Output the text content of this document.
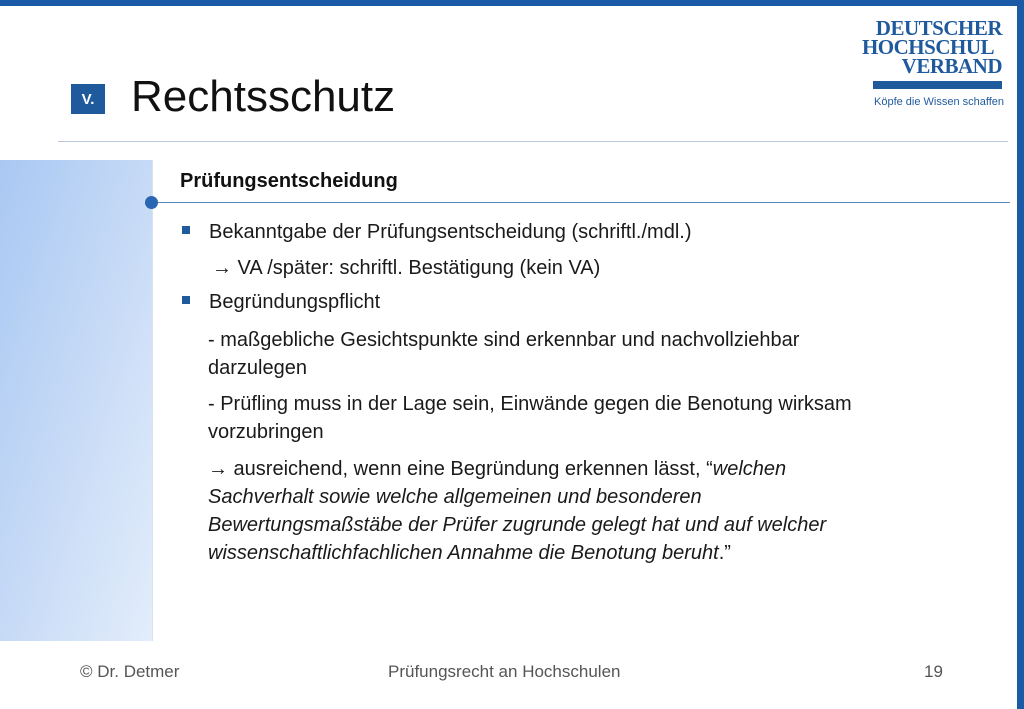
V. Rechtsschutz
DEUTSCHER
HOCHSCHUL
VERBAND
Köpfe die Wissen schaffen
Prüfungsentscheidung
Bekanntgabe der Prüfungsentscheidung (schriftl./mdl.)
→ VA /später: schriftl. Bestätigung (kein VA)
Begründungspflicht
- maßgebliche Gesichtspunkte sind erkennbar und nachvollziehbar
darzulegen
- Prüfling muss in der Lage sein, Einwände gegen die Benotung wirksam
vorzubringen
→ ausreichend, wenn eine Begründung erkennen lässt, “welchen
Sachverhalt sowie welche allgemeinen und besonderen
Bewertungsmaßstäbe der Prüfer zugrunde gelegt hat und auf welcher
wissenschaftlichfachlichen Annahme die Benotung beruht.”
© Dr. Detmer	Prüfungsrecht an Hochschulen	19
